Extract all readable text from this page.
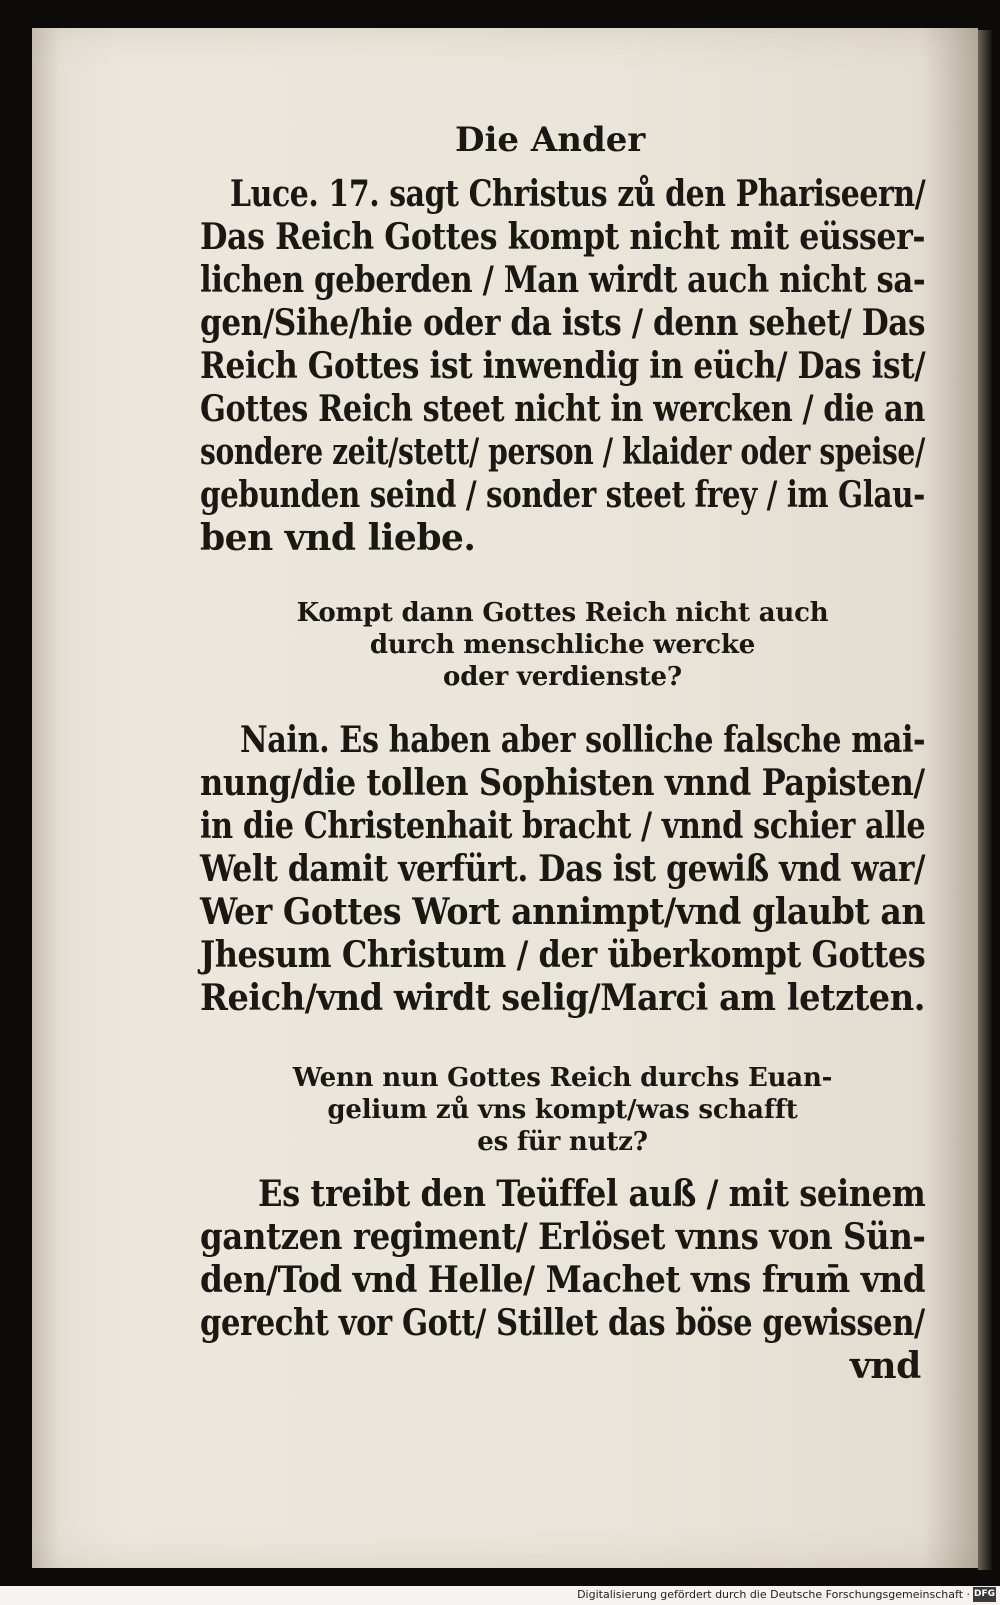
Die Ander
Luce. 17. sagt Christus zů den Phariseern/
Das Reich Gottes kompt nicht mit eüsser-
lichen geberden / Man wirdt auch nicht sa-
gen/Sihe/hie oder da ists / denn sehet/ Das
Reich Gottes ist inwendig in eüch/ Das ist/
Gottes Reich steet nicht in wercken / die an
sondere zeit/stett/ person / klaider oder speise/
gebunden seind / sonder steet frey / im Glau-
ben vnd liebe.
Kompt dann Gottes Reich nicht auch
durch menschliche wercke
oder verdienste?
Nain. Es haben aber solliche falsche mai-
nung/die tollen Sophisten vnnd Papisten/
in die Christenhait bracht / vnnd schier alle
Welt damit verfürt. Das ist gewiß vnd war/
Wer Gottes Wort annimpt/vnd glaubt an
Jhesum Christum / der überkompt Gottes
Reich/vnd wirdt selig/Marci am letzten.
Wenn nun Gottes Reich durchs Euan-
gelium zů vns kompt/was schafft
es für nutz?
Es treibt den Teüffel auß / mit seinem
gantzen regiment/ Erlöset vnns von Sün-
den/Tod vnd Helle/ Machet vns frum̄ vnd
gerecht vor Gott/ Stillet das böse gewissen/
vnd
Digitalisierung gefördert durch die Deutsche Forschungsgemeinschaft · DFG
